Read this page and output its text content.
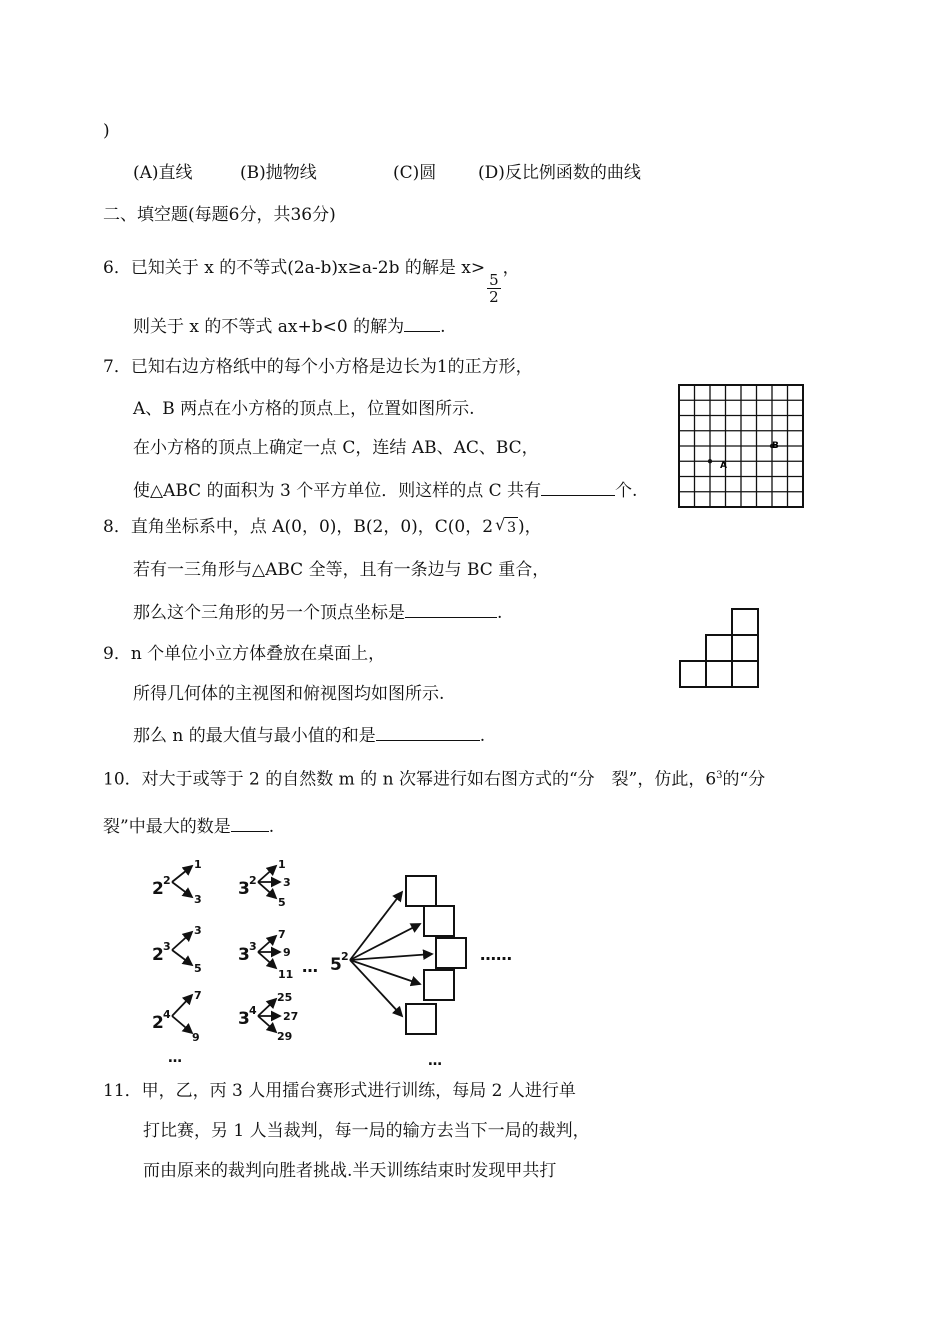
)
(A)直线	(B)抛物线	(C)圆 (D)反比例函数的曲线
二、填空题(每题6分，共36分)
6．已知关于 x 的不等式(2a-b)x≥a-2b 的解是 x>
$\frac{5}{2}$
，
则关于 x 的不等式 ax+b<0 的解为 .
7．已知右边方格纸中的每个小方格是边长为1的正方形，
A、B 两点在小方格的顶点上，位置如图所示.
在小方格的顶点上确定一点 C，连结 AB、AC、BC，
使△ABC 的面积为 3 个平方单位．则这样的点 C 共有	个.
A
B
8．直角坐标系中，点 A(0，0)，B(2，0)，C(0，2√ 3 )，
若有一三角形与△ABC 全等，且有一条边与 BC 重合，
那么这个三角形的另一个顶点坐标是	.
9．n 个单位小立方体叠放在桌面上，
所得几何体的主视图和俯视图均如图所示.
那么 n 的最大值与最小值的和是	.
10．对大于或等于 2 的自然数 m 的 n 次幂进行如右图方式的“分　裂”，仿此，$6^3$的“分
裂”中最大的数是 .
2 2
1
3
2 3
3
5
2 4
7
9
…
3 2
1
3
5
3 3
7
9
11
3 4
25
27
29
… 5 2	……
…
11．甲，乙，丙 3 人用擂台赛形式进行训练，每局 2 人进行单
打比赛，另 1 人当裁判，每一局的输方去当下一局的裁判，
而由原来的裁判向胜者挑战.半天训练结束时发现甲共打
